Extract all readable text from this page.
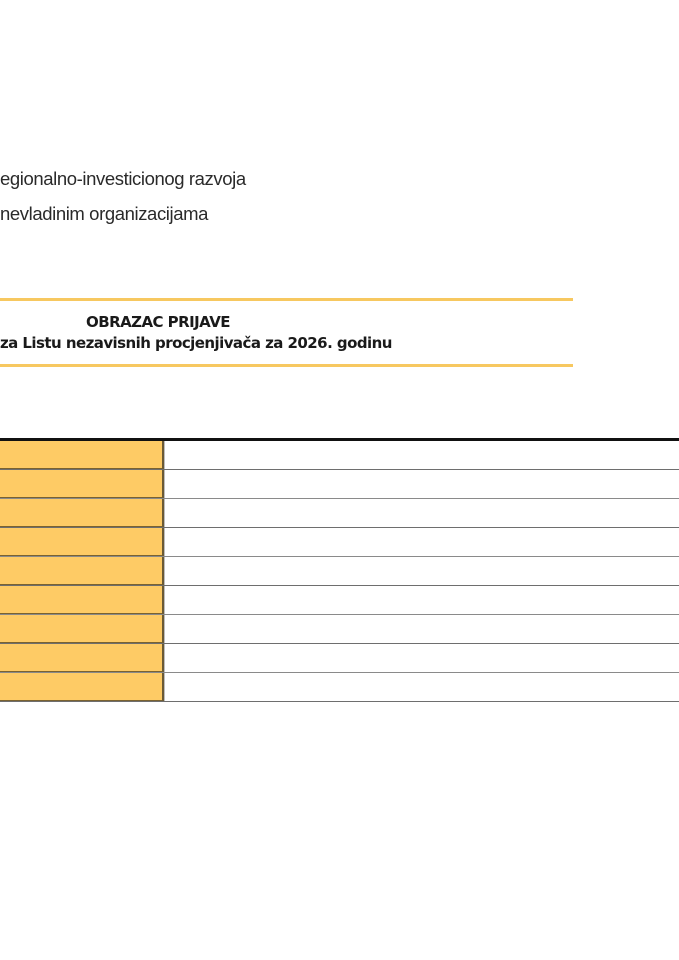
egionalno-investicionog razvoja
nevladinim organizacijama
OBRAZAC PRIJAVE
za Listu nezavisnih procjenjivača za 2026. godinu
